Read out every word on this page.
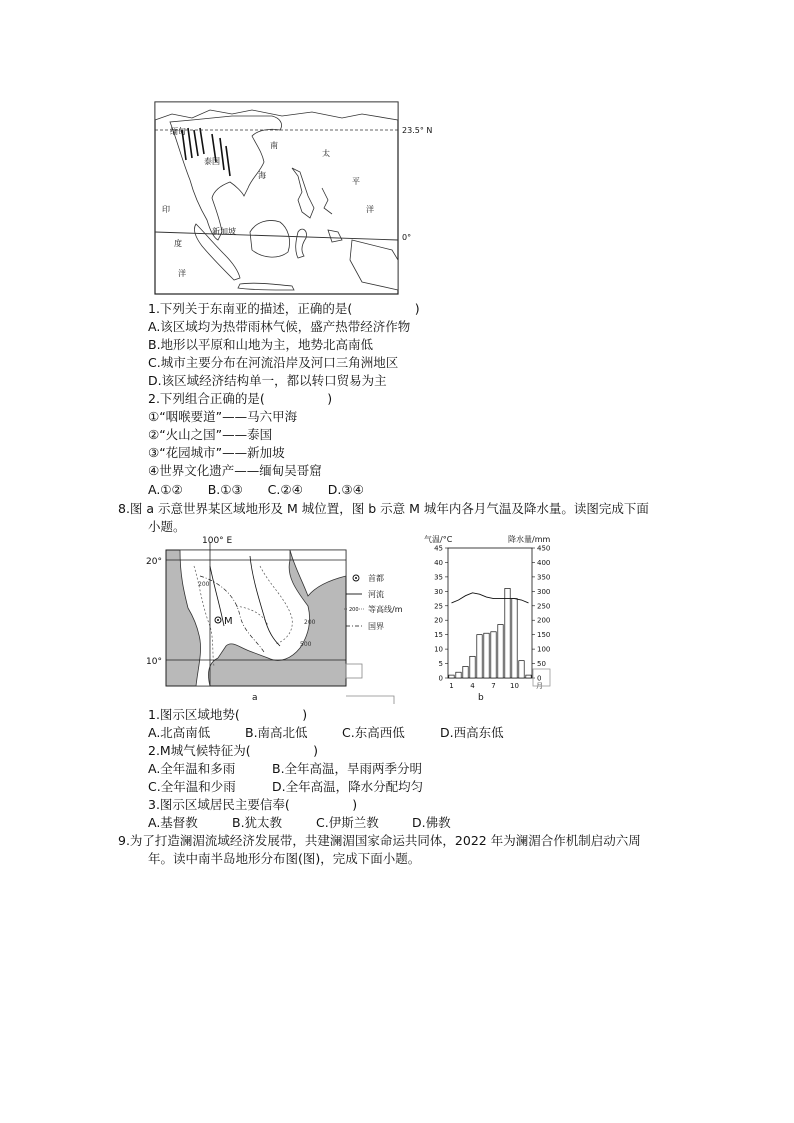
23.5° N
0°
缅甸
泰国
南
海
太
平
洋
印
度
洋
新加坡
1.下列关于东南亚的描述，正确的是(　　　　　)
A.该区域均为热带雨林气候，盛产热带经济作物
B.地形以平原和山地为主，地势北高南低
C.城市主要分布在河流沿岸及河口三角洲地区
D.该区域经济结构单一，都以转口贸易为主
2.下列组合正确的是(　　　　　)
①“咽喉要道”——马六甲海
②“火山之国”——泰国
③“花园城市”——新加坡
④世界文化遗产——缅甸吴哥窟
A.①②　　B.①③　　C.②④　　D.③④
8.图 a 示意世界某区域地形及 M 城位置，图 b 示意 M 城年内各月气温及降水量。读图完成下面
小题。
M
100° E
20°
10°
200
200
500
a
首都
河流
200 等高线/m
国界
气温/°C	降水量/mm
b
0
5
10
15
20
25
30
35
40
45
0
50
100
150
200
250
300
350
400
450
1 4 7 10 月
1.图示区域地势(　　　　　)
A.北高南低	B.南高北低	C.东高西低	D.西高东低
2.M城气候特征为(　　　　　)
A.全年温和多雨	B.全年高温，旱雨两季分明
C.全年温和少雨	D.全年高温，降水分配均匀
3.图示区域居民主要信奉(　　　　　)
A.基督教	B.犹太教	C.伊斯兰教	D.佛教
9.为了打造澜湄流域经济发展带，共建澜湄国家命运共同体，2022 年为澜湄合作机制启动六周
年。读中南半岛地形分布图(图)，完成下面小题。
